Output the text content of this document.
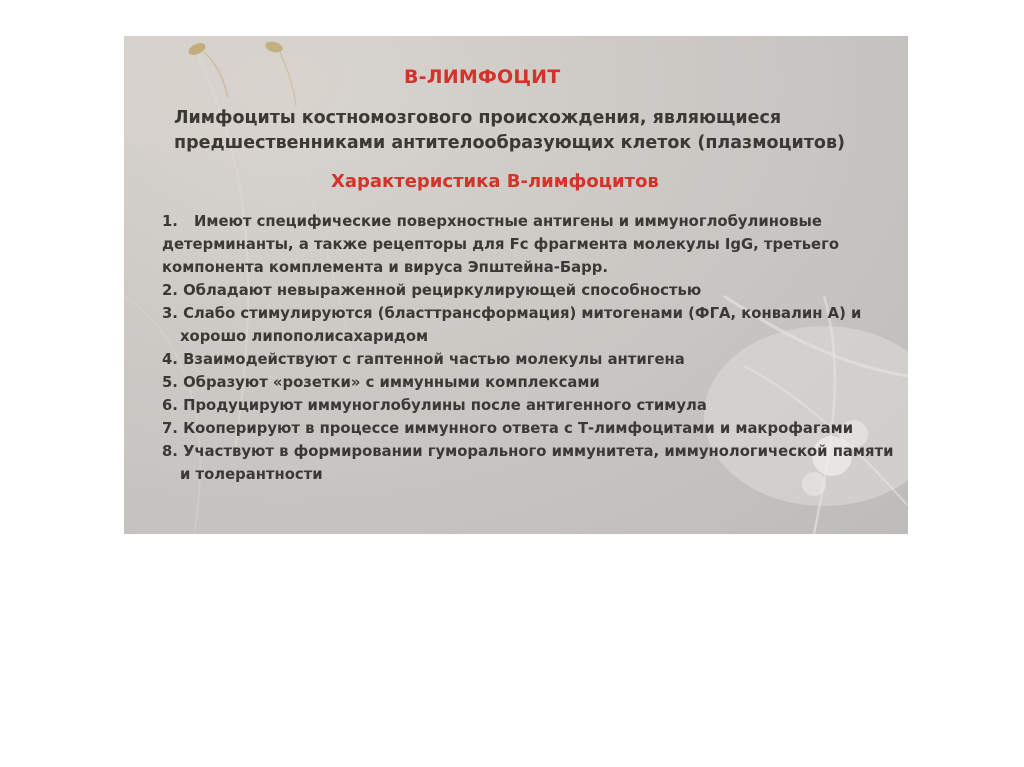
В-ЛИМФОЦИТ

Лимфоциты костномозгового происхождения, являющиеся предшественниками антителообразующих клеток (плазмоцитов)

Характеристика В-лимфоцитов
1. Имеют специфические поверхностные антигены и иммуноглобулиновые детерминанты, а также рецепторы для Fc фрагмента молекулы IgG, третьего компонента комплемента и вируса Эпштейна-Барр.
2. Обладают невыраженной рециркулирующей способностью
3. Слабо стимулируются (бласттрансформация) митогенами (ФГА, конвалин А) и хорошо липополисахаридом
4. Взаимодействуют с гаптенной частью молекулы антигена
5. Образуют «розетки» с иммунными комплексами
6. Продуцируют иммуноглобулины после антигенного стимула
7. Кооперируют в процессе иммунного ответа с Т-лимфоцитами и макрофагами
8. Участвуют в формировании гуморального иммунитета, иммунологической памяти и толерантности
